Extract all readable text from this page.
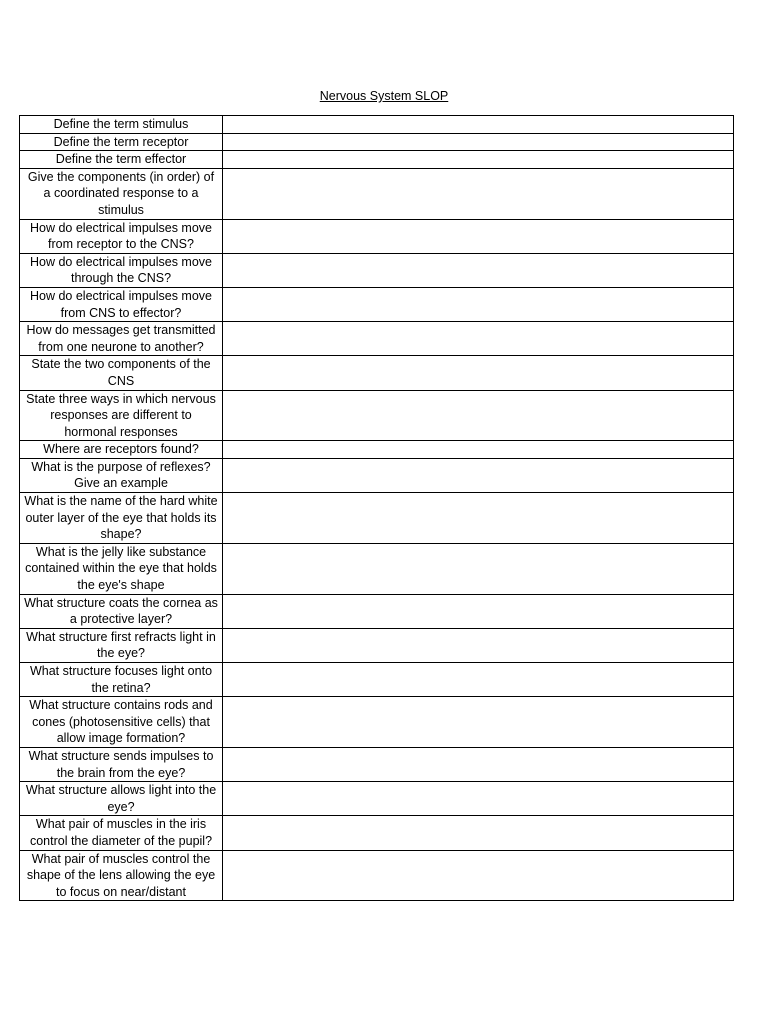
Nervous System SLOP
Define the term stimulus	
Define the term receptor	
Define the term effector	
Give the components (in order) of a coordinated response to a stimulus	
How do electrical impulses move from receptor to the CNS?	
How do electrical impulses move through the CNS?	
How do electrical impulses move from CNS to effector?	
How do messages get transmitted from one neurone to another?	
State the two components of the CNS	
State three ways in which nervous responses are different to hormonal responses	
Where are receptors found?	
What is the purpose of reflexes? Give an example	
What is the name of the hard white outer layer of the eye that holds its shape?	
What is the jelly like substance contained within the eye that holds the eye's shape	
What structure coats the cornea as a protective layer?	
What structure first refracts light in the eye?	
What structure focuses light onto the retina?	
What structure contains rods and cones (photosensitive cells) that allow image formation?	
What structure sends impulses to the brain from the eye?	
What structure allows light into the eye?	
What pair of muscles in the iris control the diameter of the pupil?	
What pair of muscles control the shape of the lens allowing the eye to focus on near/distant	
